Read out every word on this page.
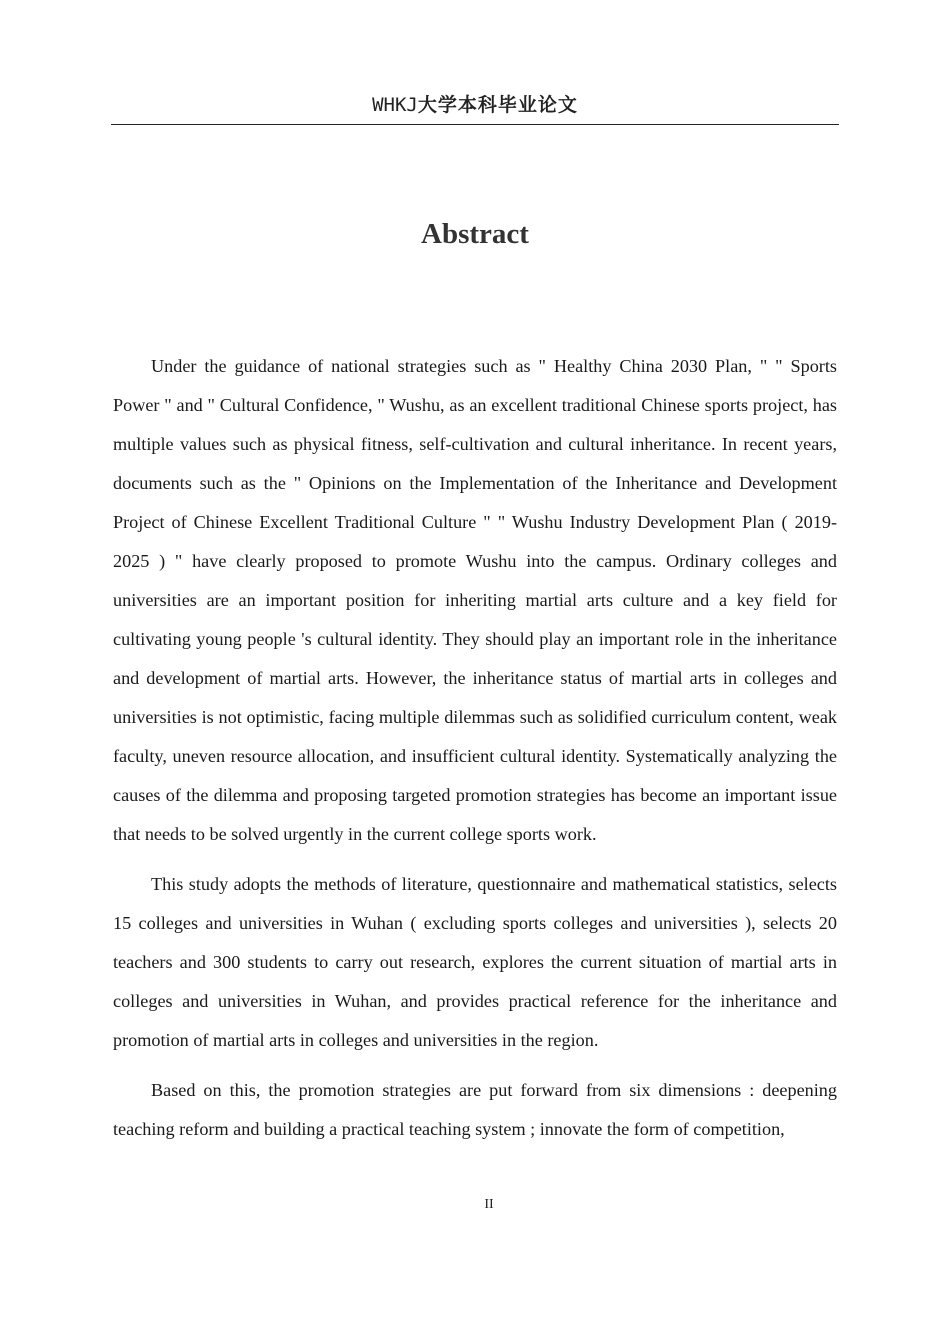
WHKJ大学本科毕业论文
Abstract

Under the guidance of national strategies such as " Healthy China 2030 Plan, " " Sports Power " and " Cultural Confidence, " Wushu, as an excellent traditional Chinese sports project, has multiple values such as physical fitness, self-cultivation and cultural inheritance. In recent years, documents such as the " Opinions on the Implementation of the Inheritance and Development Project of Chinese Excellent Traditional Culture " " Wushu Industry Development Plan ( 2019-2025 ) " have clearly proposed to promote Wushu into the campus. Ordinary colleges and universities are an important position for inheriting martial arts culture and a key field for cultivating young people 's cultural identity. They should play an important role in the inheritance and development of martial arts. However, the inheritance status of martial arts in colleges and universities is not optimistic, facing multiple dilemmas such as solidified curriculum content, weak faculty, uneven resource allocation, and insufficient cultural identity. Systematically analyzing the causes of the dilemma and proposing targeted promotion strategies has become an important issue that needs to be solved urgently in the current college sports work.

This study adopts the methods of literature, questionnaire and mathematical statistics, selects 15 colleges and universities in Wuhan ( excluding sports colleges and universities ), selects 20 teachers and 300 students to carry out research, explores the current situation of martial arts in colleges and universities in Wuhan, and provides practical reference for the inheritance and promotion of martial arts in colleges and universities in the region.

Based on this, the promotion strategies are put forward from six dimensions : deepening teaching reform and building a practical teaching system ; innovate the form of competition,

II
